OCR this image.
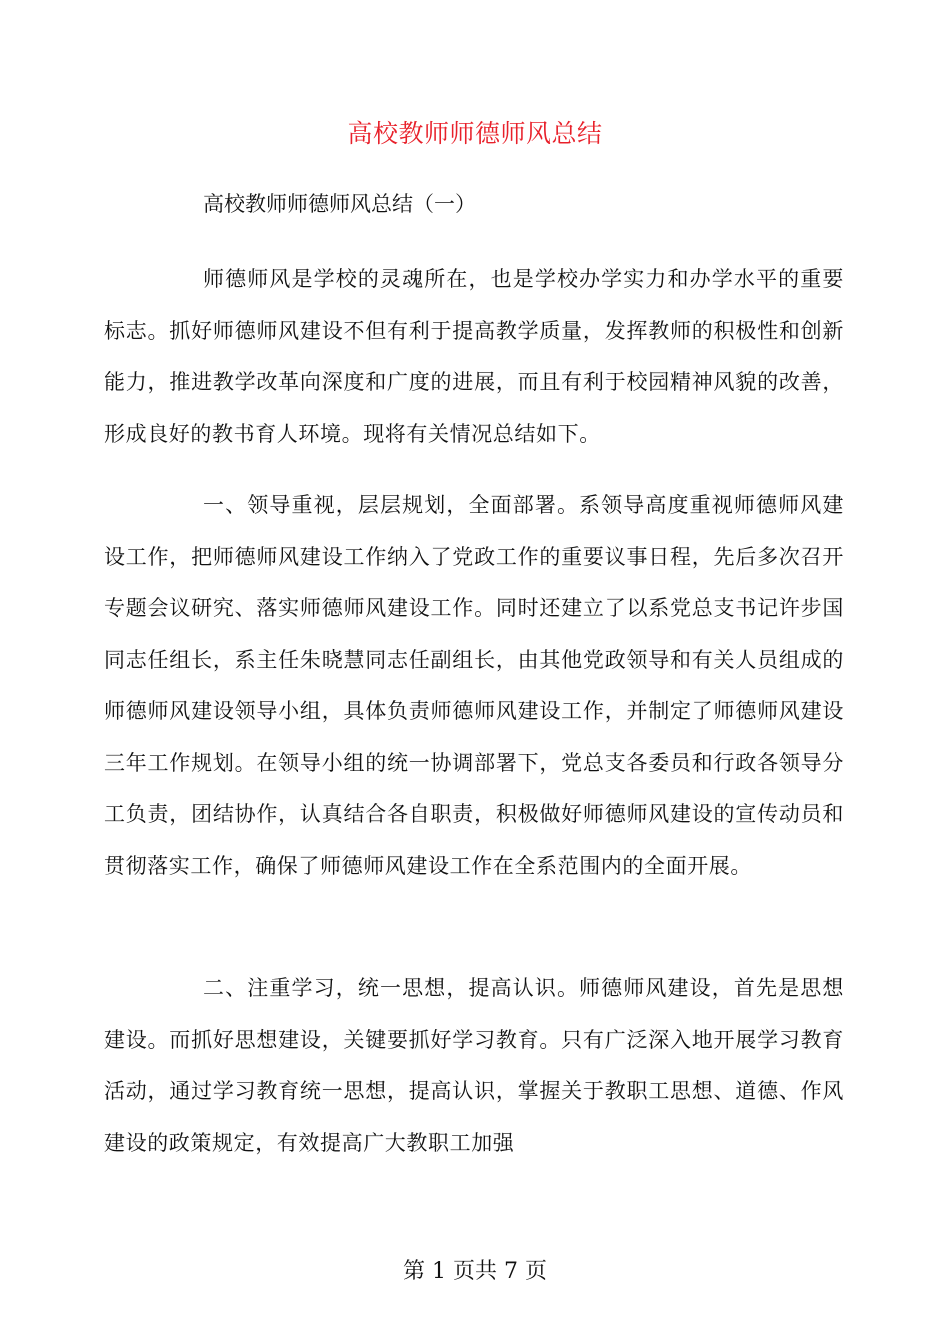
高校教师师德师风总结
高校教师师德师风总结（一）

师德师风是学校的灵魂所在，也是学校办学实力和办学水平的重要标志。抓好师德师风建设不但有利于提高教学质量，发挥教师的积极性和创新能力，推进教学改革向深度和广度的进展，而且有利于校园精神风貌的改善，形成良好的教书育人环境。现将有关情况总结如下。

一、领导重视，层层规划，全面部署。系领导高度重视师德师风建设工作，把师德师风建设工作纳入了党政工作的重要议事日程，先后多次召开专题会议研究、落实师德师风建设工作。同时还建立了以系党总支书记许步国同志任组长，系主任朱晓慧同志任副组长，由其他党政领导和有关人员组成的师德师风建设领导小组，具体负责师德师风建设工作，并制定了师德师风建设三年工作规划。在领导小组的统一协调部署下，党总支各委员和行政各领导分工负责，团结协作，认真结合各自职责，积极做好师德师风建设的宣传动员和贯彻落实工作，确保了师德师风建设工作在全系范围内的全面开展。

二、注重学习，统一思想，提高认识。师德师风建设，首先是思想建设。而抓好思想建设，关键要抓好学习教育。只有广泛深入地开展学习教育活动，通过学习教育统一思想，提高认识，掌握关于教职工思想、道德、作风建设的政策规定，有效提高广大教职工加强

第 1 页共 7 页
